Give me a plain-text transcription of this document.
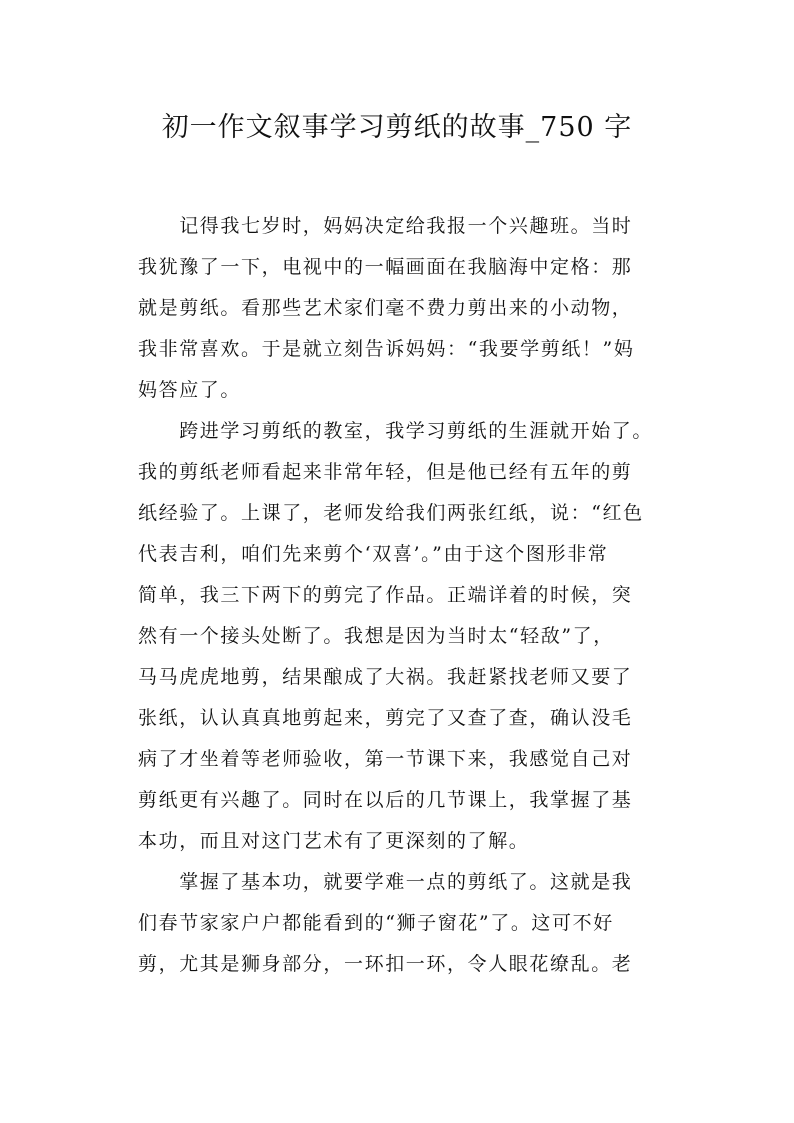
初一作文叙事学习剪纸的故事_750 字
　　记得我七岁时，妈妈决定给我报一个兴趣班。当时
我犹豫了一下，电视中的一幅画面在我脑海中定格：那
就是剪纸。看那些艺术家们毫不费力剪出来的小动物，
我非常喜欢。于是就立刻告诉妈妈：“我要学剪纸！”妈
妈答应了。
　　跨进学习剪纸的教室，我学习剪纸的生涯就开始了。
我的剪纸老师看起来非常年轻，但是他已经有五年的剪
纸经验了。上课了，老师发给我们两张红纸，说：“红色
代表吉利，咱们先来剪个‘双喜’。”由于这个图形非常
简单，我三下两下的剪完了作品。正端详着的时候，突
然有一个接头处断了。我想是因为当时太“轻敌”了，
马马虎虎地剪，结果酿成了大祸。我赶紧找老师又要了
张纸，认认真真地剪起来，剪完了又查了查，确认没毛
病了才坐着等老师验收，第一节课下来，我感觉自己对
剪纸更有兴趣了。同时在以后的几节课上，我掌握了基
本功，而且对这门艺术有了更深刻的了解。
　　掌握了基本功，就要学难一点的剪纸了。这就是我
们春节家家户户都能看到的“狮子窗花”了。这可不好
剪，尤其是狮身部分，一环扣一环，令人眼花缭乱。老
